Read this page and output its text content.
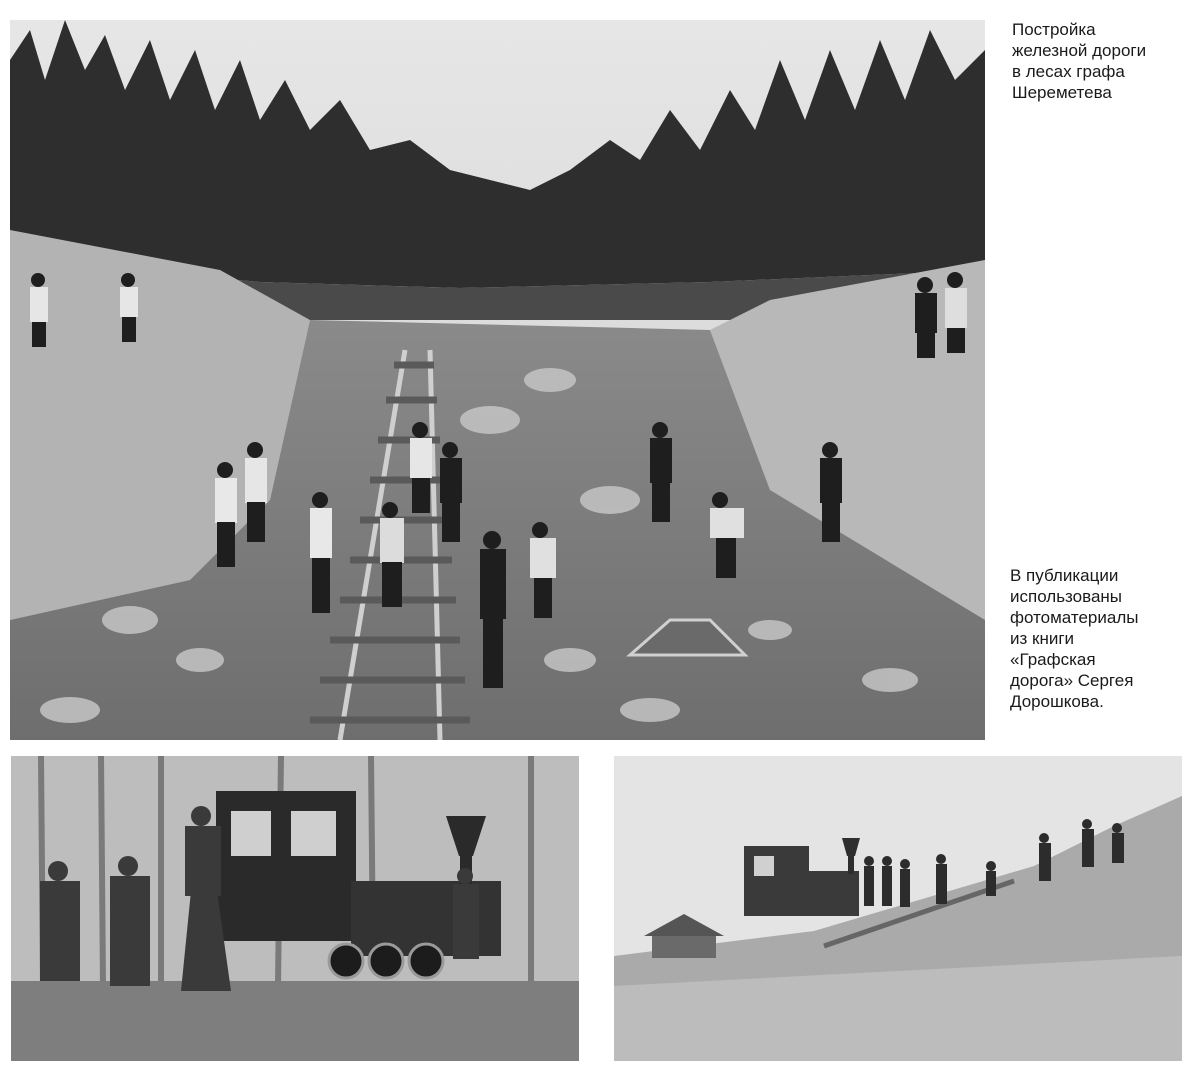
Постройка
железной дороги
в лесах графа
Шереметева

В публикации
использованы
фотоматериалы
из книги
«Графская
дорога» Сергея
Дорошкова.
